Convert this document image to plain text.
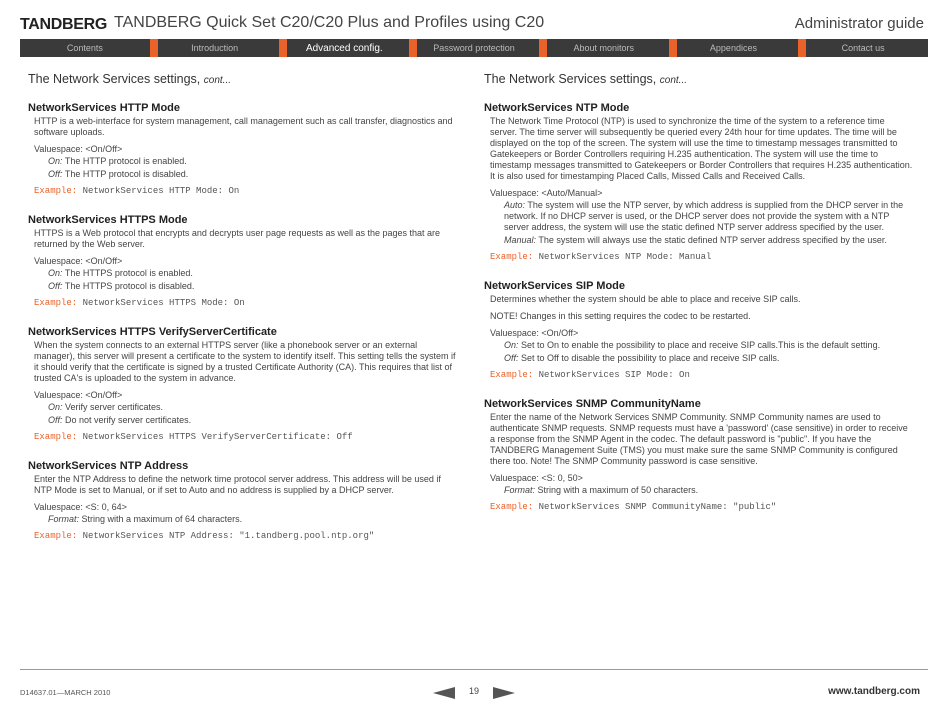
TANDBERG TANDBERG Quick Set C20/C20 Plus and Profiles using C20	Administrator guide
Contents	Introduction	Advanced config.	Password protection	About monitors	Appendices	Contact us
The Network Services settings, cont...
NetworkServices HTTP Mode

HTTP is a web-interface for system management, call management such as call transfer, diagnostics and software uploads.

Valuespace: <On/Off>
On: The HTTP protocol is enabled.
Off: The HTTP protocol is disabled.
Example: NetworkServices HTTP Mode: On
NetworkServices HTTPS Mode

HTTPS is a Web protocol that encrypts and decrypts user page requests as well as the pages that are returned by the Web server.

Valuespace: <On/Off>
On: The HTTPS protocol is enabled.
Off: The HTTPS protocol is disabled.
Example: NetworkServices HTTPS Mode: On
NetworkServices HTTPS VerifyServerCertificate

When the system connects to an external HTTPS server (like a phonebook server or an external manager), this server will present a certificate to the system to identify itself. This setting tells the system if it should verify that the certificate is signed by a trusted Certificate Authority (CA). This requires that list of trusted CA's is uploaded to the system in advance.

Valuespace: <On/Off>
On: Verify server certificates.
Off: Do not verify server certificates.
Example: NetworkServices HTTPS VerifyServerCertificate: Off
NetworkServices NTP Address

Enter the NTP Address to define the network time protocol server address. This address will be used if NTP Mode is set to Manual, or if set to Auto and no address is supplied by a DHCP server.

Valuespace: <S: 0, 64>
Format: String with a maximum of 64 characters.
Example: NetworkServices NTP Address: "1.tandberg.pool.ntp.org"
The Network Services settings, cont...
NetworkServices NTP Mode

The Network Time Protocol (NTP) is used to synchronize the time of the system to a reference time server. The time server will subsequently be queried every 24th hour for time updates. The time will be displayed on the top of the screen. The system will use the time to timestamp messages transmitted to Gatekeepers or Border Controllers requiring H.235 authentication. The system will use the time to timestamp messages transmitted to Gatekeepers or Border Controllers that requires H.235 authentication. It is also used for timestamping Placed Calls, Missed Calls and Received Calls.

Valuespace: <Auto/Manual>
Auto: The system will use the NTP server, by which address is supplied from the DHCP server in the network. If no DHCP server is used, or the DHCP server does not provide the system with a NTP server address, the system will use the static defined NTP server address specified by the user.
Manual: The system will always use the static defined NTP server address specified by the user.
Example: NetworkServices NTP Mode: Manual
NetworkServices SIP Mode

Determines whether the system should be able to place and receive SIP calls.

NOTE! Changes in this setting requires the codec to be restarted.

Valuespace: <On/Off>
On: Set to On to enable the possibility to place and receive SIP calls.This is the default setting.
Off: Set to Off to disable the possibility to place and receive SIP calls.
Example: NetworkServices SIP Mode: On
NetworkServices SNMP CommunityName

Enter the name of the Network Services SNMP Community. SNMP Community names are used to authenticate SNMP requests. SNMP requests must have a 'password' (case sensitive) in order to receive a response from the SNMP Agent in the codec. The default password is "public". If you have the TANDBERG Management Suite (TMS) you must make sure the same SNMP Community is configured there too. Note! The SNMP Community password is case sensitive.

Valuespace: <S: 0, 50>
Format: String with a maximum of 50 characters.
Example: NetworkServices SNMP CommunityName: "public"
D14637.01—MARCH 2010	19	www.tandberg.com
